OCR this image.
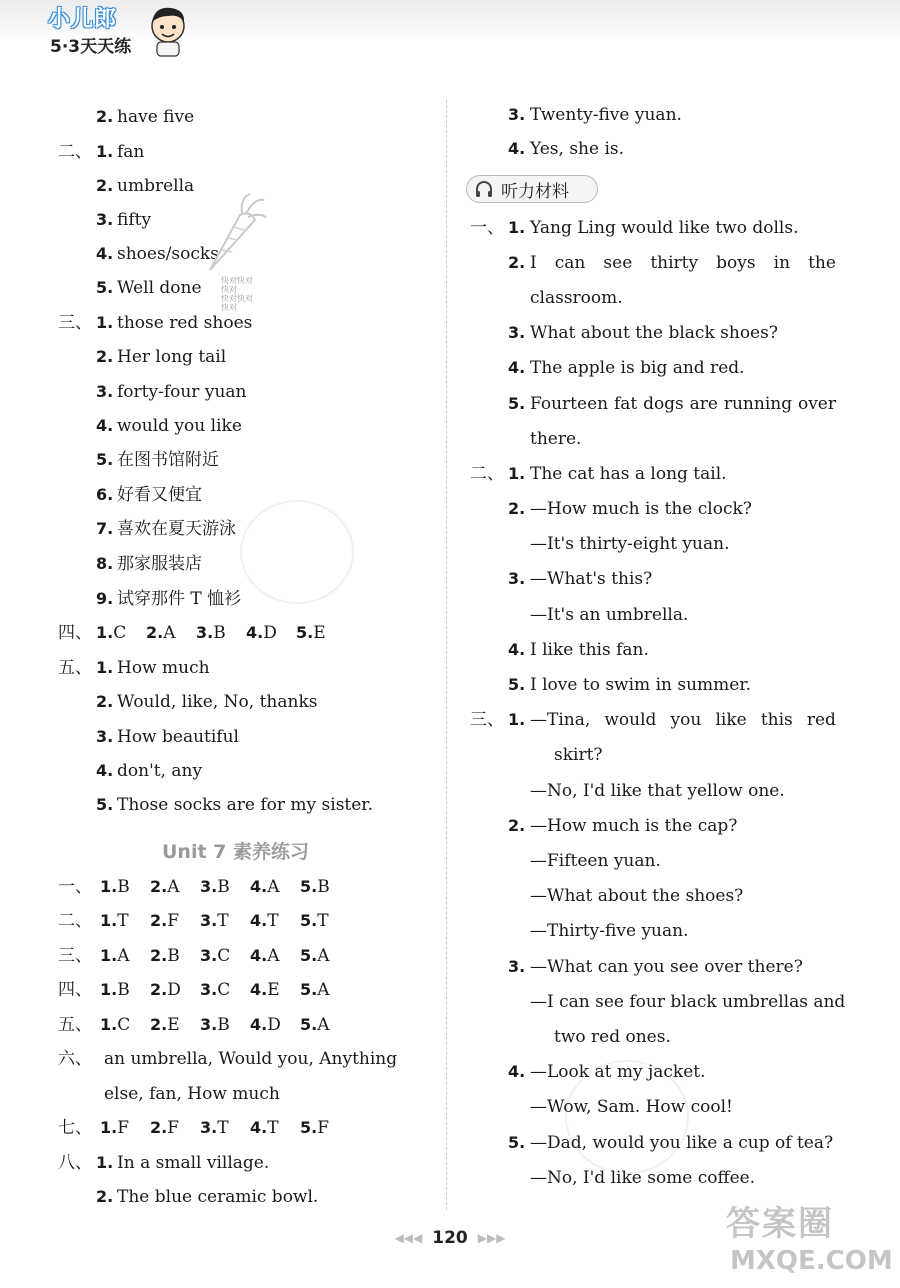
小儿郎
5·3天天练
2. have five
二、 1. fan
2. umbrella
3. fifty
4. shoes/socks
5. Well done
三、 1. those red shoes
2. Her long tail
3. forty-four yuan
4. would you like
5. 在图书馆附近
6. 好看又便宜
7. 喜欢在夏天游泳
8. 那家服装店
9. 试穿那件 T 恤衫
四、 1.C 2.A 3.B 4.D 5.E
五、 1. How much
2. Would, like, No, thanks
3. How beautiful
4. don't, any
5. Those socks are for my sister.
一、 1.B 2.A 3.B 4.A 5.B
二、 1.T 2.F 3.T 4.T 5.T
三、 1.A 2.B 3.C 4.A 5.A
四、 1.B 2.D 3.C 4.E 5.A
五、 1.C 2.E 3.B 4.D 5.A
六、 an umbrella, Would you, Anything
else, fan, How much
七、 1.F 2.F 3.T 4.T 5.F
八、 1. In a small village.
2. The blue ceramic bowl.
Unit 7 素养练习
3. Twenty-five yuan.
4. Yes, she is.
一、 1. Yang Ling would like two dolls.
2. I can see thirty boys in the
classroom.
3. What about the black shoes?
4. The apple is big and red.
5. Fourteen fat dogs are running over
there.
二、 1. The cat has a long tail.
2. —How much is the clock?
—It's thirty-eight yuan.
3. —What's this?
—It's an umbrella.
4. I like this fan.
5. I love to swim in summer.
三、 1. —Tina, would you like this red
skirt?
—No, I'd like that yellow one.
2. —How much is the cap?
—Fifteen yuan.
—What about the shoes?
—Thirty-five yuan.
3. —What can you see over there?
—I can see four black umbrellas and
two red ones.
4. —Look at my jacket.
—Wow, Sam. How cool!
5. —Dad, would you like a cup of tea?
—No, I'd like some coffee.
听力材料
快对快对快对
快对快对快对
◀◀◀ 120 ▶▶▶	答案圈
MXQE.COM
